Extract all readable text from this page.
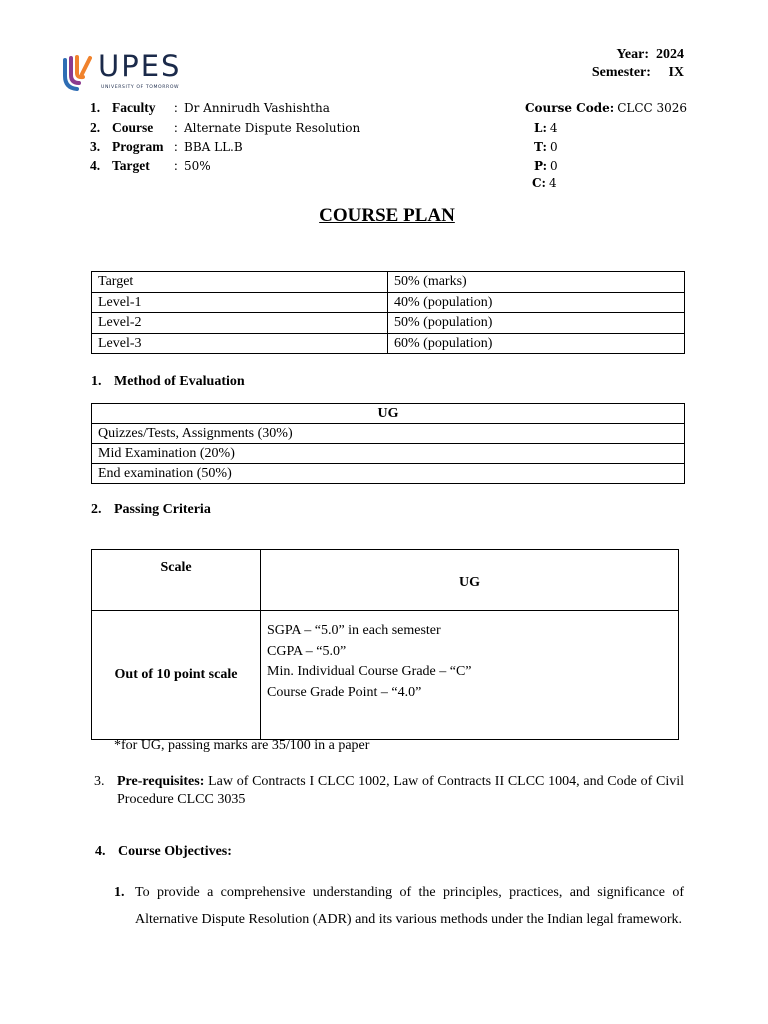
UPES
UNIVERSITY OF TOMORROW
Year: 2024
Semester: IX
1. Faculty : Dr Annirudh Vashishtha
2. Course : Alternate Dispute Resolution
3. Program : BBA LL.B
4. Target : 50%
Course Code: CLCC 3026
L: 4
T: 0
P: 0
C: 4
COURSE PLAN
Target	50% (marks)
Level-1	40% (population)
Level-2	50% (population)
Level-3	60% (population)
1. Method of Evaluation
UG
Quizzes/Tests, Assignments (30%)
Mid Examination (20%)
End examination (50%)
2. Passing Criteria
Scale	UG
Out of 10 point scale	SGPA – “5.0” in each semester
CGPA – “5.0”
Min. Individual Course Grade – “C”
Course Grade Point – “4.0”
*for UG, passing marks are 35/100 in a paper
3. Pre-requisites: Law of Contracts I CLCC 1002, Law of Contracts II CLCC 1004, and Code of Civil Procedure CLCC 3035
4. Course Objectives:
1. To provide a comprehensive understanding of the principles, practices, and significance of Alternative Dispute Resolution (ADR) and its various methods under the Indian legal framework.
